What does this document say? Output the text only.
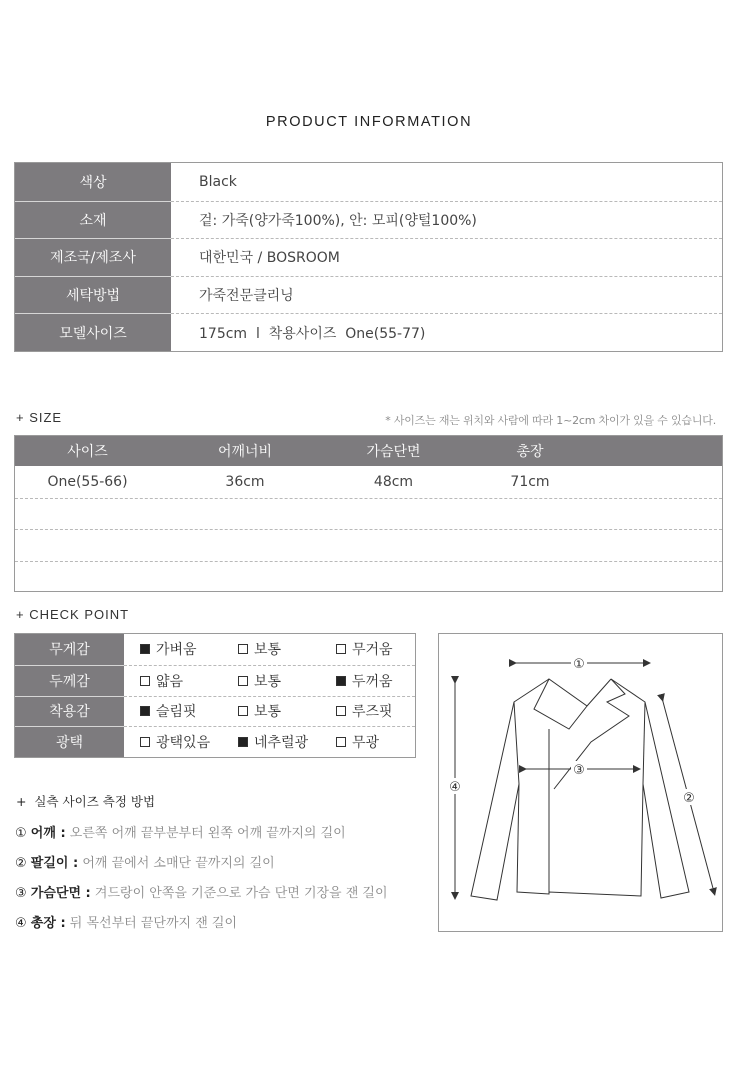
PRODUCT INFORMATION
색상	Black
소재	겉: 가죽(양가죽100%), 안: 모피(양털100%)
제조국/제조사	대한민국 / BOSROOM
세탁방법	가죽전문클리닝
모델사이즈	175cm  l  착용사이즈  One(55-77)
+ SIZE	* 사이즈는 재는 위치와 사람에 따라 1~2cm 차이가 있을 수 있습니다.
사이즈	어깨너비	가슴단면	총장
One(55-66)	36cm	48cm	71cm
+ CHECK POINT
무게감	가벼움	보통	무거움
두께감	얇음	보통	두꺼움
착용감	슬림핏	보통	루즈핏
광택	광택있음	네추럴광	무광
+  실측 사이즈 측정 방법
① 어깨 : 오른쪽 어깨 끝부분부터 왼쪽 어깨 끝까지의 길이
② 팔길이 : 어깨 끝에서 소매단 끝까지의 길이
③ 가슴단면 : 겨드랑이 안쪽을 기준으로 가슴 단면 기장을 잰 길이
④ 총장 : 뒤 목선부터 끝단까지 잰 길이
①
③
④
②
